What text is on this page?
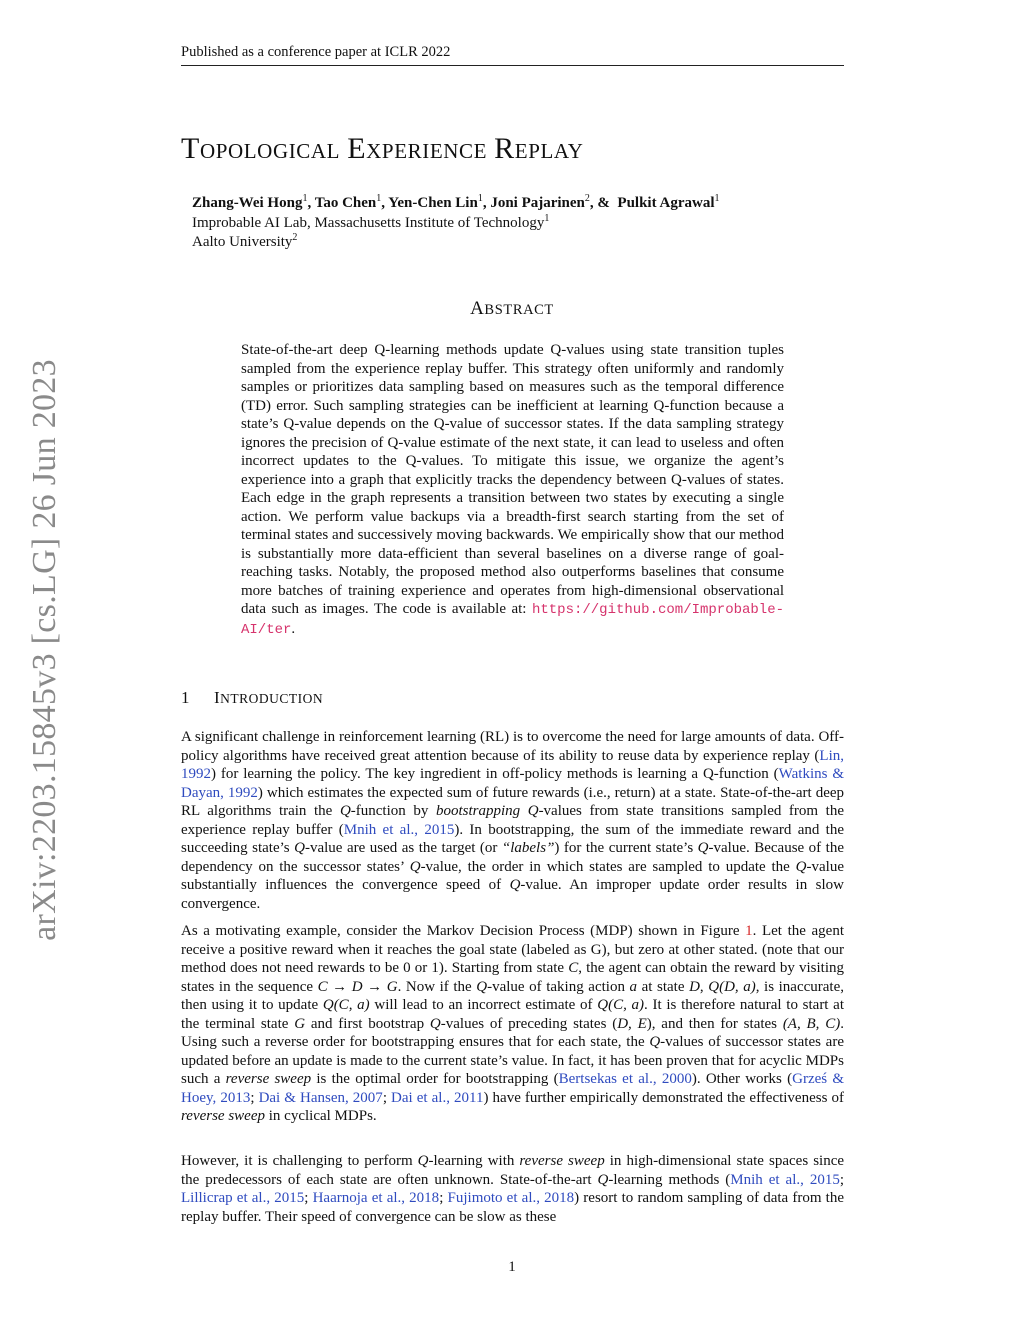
Published as a conference paper at ICLR 2022
TOPOLOGICAL EXPERIENCE REPLAY
Zhang-Wei Hong$^1$, Tao Chen$^1$, Yen-Chen Lin$^1$, Joni Pajarinen$^2$, &  Pulkit Agrawal$^1$
Improbable AI Lab, Massachusetts Institute of Technology$^1$
Aalto University$^2$
ABSTRACT

State-of-the-art deep Q-learning methods update Q-values using state transition tuples sampled from the experience replay buffer. This strategy often uniformly and randomly samples or prioritizes data sampling based on measures such as the temporal difference (TD) error. Such sampling strategies can be inefficient at learning Q-function because a state’s Q-value depends on the Q-value of successor states. If the data sampling strategy ignores the precision of Q-value estimate of the next state, it can lead to useless and often incorrect updates to the Q-values. To mitigate this issue, we organize the agent’s experience into a graph that explicitly tracks the dependency between Q-values of states. Each edge in the graph represents a transition between two states by executing a single action. We perform value backups via a breadth-first search starting from the set of terminal states and successively moving backwards. We empirically show that our method is substantially more data-efficient than several baselines on a diverse range of goal-reaching tasks. Notably, the proposed method also outperforms baselines that consume more batches of training experience and operates from high-dimensional observational data such as images. The code is available at: https://github.com/Improbable-AI/ter.

1 INTRODUCTION

A significant challenge in reinforcement learning (RL) is to overcome the need for large amounts of data. Off-policy algorithms have received great attention because of its ability to reuse data by experience replay (Lin, 1992) for learning the policy. The key ingredient in off-policy methods is learning a Q-function (Watkins & Dayan, 1992) which estimates the expected sum of future rewards (i.e., return) at a state. State-of-the-art deep RL algorithms train the Q-function by bootstrapping Q-values from state transitions sampled from the experience replay buffer (Mnih et al., 2015). In bootstrapping, the sum of the immediate reward and the succeeding state’s Q-value are used as the target (or “labels”) for the current state’s Q-value. Because of the dependency on the successor states’ Q-value, the order in which states are sampled to update the Q-value substantially influences the convergence speed of Q-value. An improper update order results in slow convergence.

As a motivating example, consider the Markov Decision Process (MDP) shown in Figure 1. Let the agent receive a positive reward when it reaches the goal state (labeled as G), but zero at other stated. (note that our method does not need rewards to be 0 or 1). Starting from state C, the agent can obtain the reward by visiting states in the sequence C → D → G. Now if the Q-value of taking action a at state D, Q(D, a), is inaccurate, then using it to update Q(C, a) will lead to an incorrect estimate of Q(C, a). It is therefore natural to start at the terminal state G and first bootstrap Q-values of preceding states (D, E), and then for states (A, B, C). Using such a reverse order for bootstrapping ensures that for each state, the Q-values of successor states are updated before an update is made to the current state’s value. In fact, it has been proven that for acyclic MDPs such a reverse sweep is the optimal order for bootstrapping (Bertsekas et al., 2000). Other works (Grześ & Hoey, 2013; Dai & Hansen, 2007; Dai et al., 2011) have further empirically demonstrated the effectiveness of reverse sweep in cyclical MDPs.

However, it is challenging to perform Q-learning with reverse sweep in high-dimensional state spaces since the predecessors of each state are often unknown. State-of-the-art Q-learning methods (Mnih et al., 2015; Lillicrap et al., 2015; Haarnoja et al., 2018; Fujimoto et al., 2018) resort to random sampling of data from the replay buffer. Their speed of convergence can be slow as these

1
arXiv:2203.15845v3 [cs.LG] 26 Jun 2023
